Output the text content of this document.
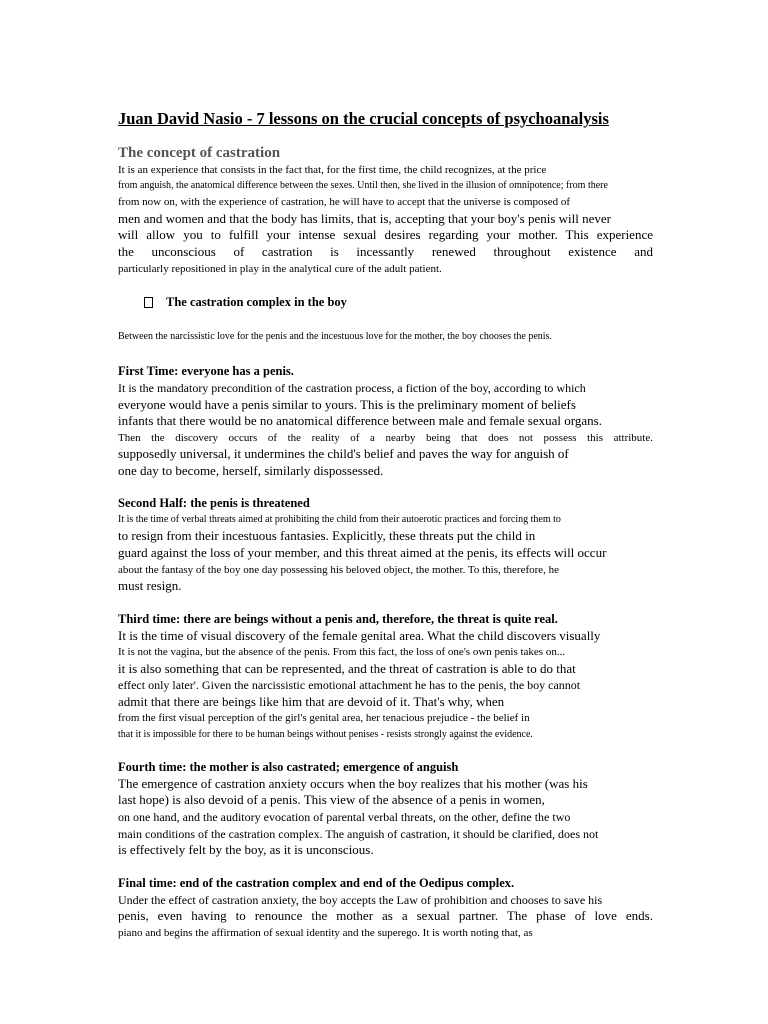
Juan David Nasio - 7 lessons on the crucial concepts of psychoanalysis
The concept of castration
It is an experience that consists in the fact that, for the first time, the child recognizes, at the price
from anguish, the anatomical difference between the sexes. Until then, she lived in the illusion of omnipotence; from there
from now on, with the experience of castration, he will have to accept that the universe is composed of
men and women and that the body has limits, that is, accepting that your boy's penis will never
will allow you to fulfill your intense sexual desires regarding your mother. This experience
the unconscious of castration is incessantly renewed throughout existence and
particularly repositioned in play in the analytical cure of the adult patient.
The castration complex in the boy
Between the narcissistic love for the penis and the incestuous love for the mother, the boy chooses the penis.

First Time: everyone has a penis.

It is the mandatory precondition of the castration process, a fiction of the boy, according to which
everyone would have a penis similar to yours. This is the preliminary moment of beliefs
infants that there would be no anatomical difference between male and female sexual organs.
Then the discovery occurs of the reality of a nearby being that does not possess this attribute.
supposedly universal, it undermines the child's belief and paves the way for anguish of
one day to become, herself, similarly dispossessed.

Second Half: the penis is threatened

It is the time of verbal threats aimed at prohibiting the child from their autoerotic practices and forcing them to
to resign from their incestuous fantasies. Explicitly, these threats put the child in
guard against the loss of your member, and this threat aimed at the penis, its effects will occur
about the fantasy of the boy one day possessing his beloved object, the mother. To this, therefore, he
must resign.

Third time: there are beings without a penis and, therefore, the threat is quite real.

It is the time of visual discovery of the female genital area. What the child discovers visually
It is not the vagina, but the absence of the penis. From this fact, the loss of one's own penis takes on...
it is also something that can be represented, and the threat of castration is able to do that
effect only later'. Given the narcissistic emotional attachment he has to the penis, the boy cannot
admit that there are beings like him that are devoid of it. That's why, when
from the first visual perception of the girl's genital area, her tenacious prejudice - the belief in
that it is impossible for there to be human beings without penises - resists strongly against the evidence.

Fourth time: the mother is also castrated; emergence of anguish

The emergence of castration anxiety occurs when the boy realizes that his mother (was his
last hope) is also devoid of a penis. This view of the absence of a penis in women,
on one hand, and the auditory evocation of parental verbal threats, on the other, define the two
main conditions of the castration complex. The anguish of castration, it should be clarified, does not
is effectively felt by the boy, as it is unconscious.

Final time: end of the castration complex and end of the Oedipus complex.

Under the effect of castration anxiety, the boy accepts the Law of prohibition and chooses to save his
penis, even having to renounce the mother as a sexual partner. The phase of love ends.
piano and begins the affirmation of sexual identity and the superego. It is worth noting that, as
